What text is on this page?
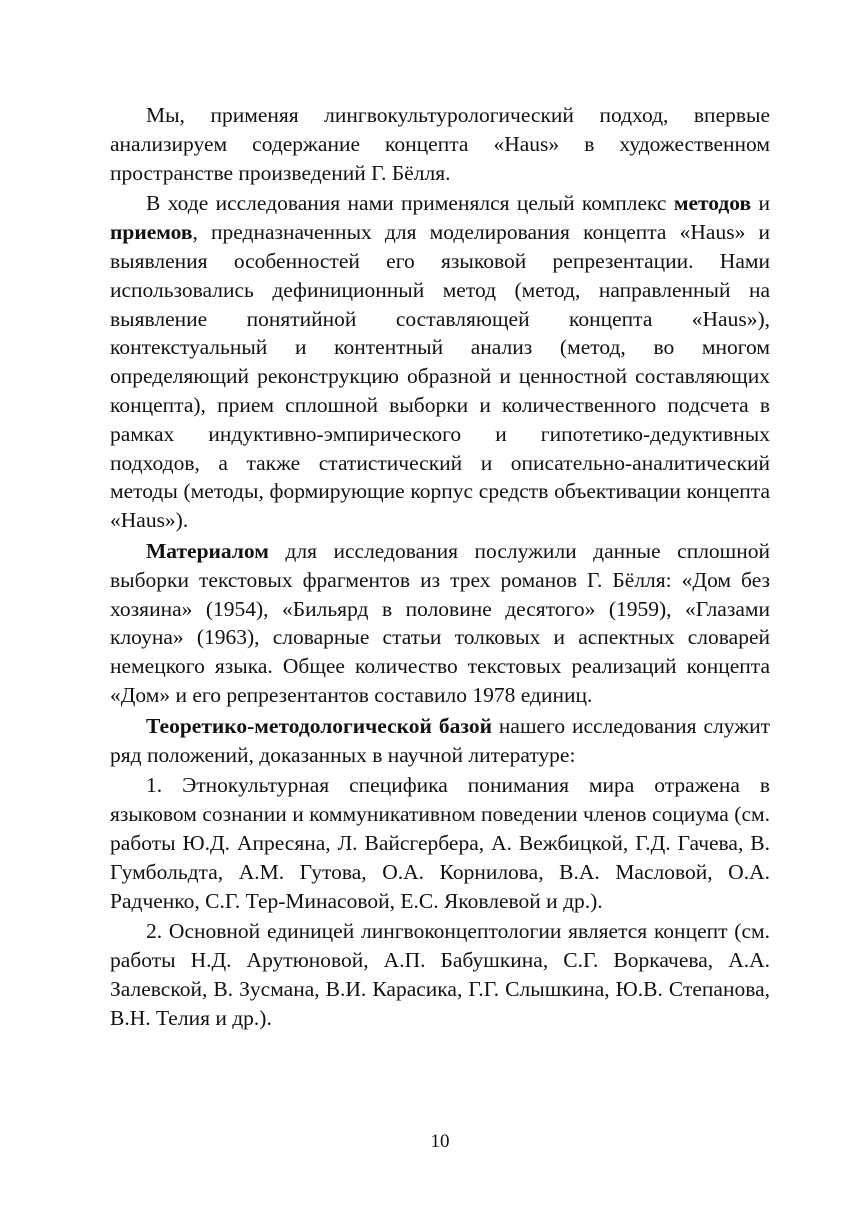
Мы, применяя лингвокультурологический подход, впервые анализируем содержание концепта «Haus» в художественном пространстве произведений Г. Бёлля.

В ходе исследования нами применялся целый комплекс методов и приемов, предназначенных для моделирования концепта «Haus» и выявления особенностей его языковой репрезентации. Нами использовались дефиниционный метод (метод, направленный на выявление понятийной составляющей концепта «Haus»), контекстуальный и контентный анализ (метод, во многом определяющий реконструкцию образной и ценностной составляющих концепта), прием сплошной выборки и количественного подсчета в рамках индуктивно-эмпирического и гипотетико-дедуктивных подходов, а также статистический и описательно-аналитический методы (методы, формирующие корпус средств объективации концепта «Haus»).

Материалом для исследования послужили данные сплошной выборки текстовых фрагментов из трех романов Г. Бёлля: «Дом без хозяина» (1954), «Бильярд в половине десятого» (1959), «Глазами клоуна» (1963), словарные статьи толковых и аспектных словарей немецкого языка. Общее количество текстовых реализаций концепта «Дом» и его репрезентантов составило 1978 единиц.

Теоретико-методологической базой нашего исследования служит ряд положений, доказанных в научной литературе:

1. Этнокультурная специфика понимания мира отражена в языковом сознании и коммуникативном поведении членов социума (см. работы Ю.Д. Апресяна, Л. Вайсгербера, А. Вежбицкой, Г.Д. Гачева, В. Гумбольдта, А.М. Гутова, О.А. Корнилова, В.А. Масловой, О.А. Радченко, С.Г. Тер-Минасовой, Е.С. Яковлевой и др.).

2. Основной единицей лингвоконцептологии является концепт (см. работы Н.Д. Арутюновой, А.П. Бабушкина, С.Г. Воркачева, А.А. Залевской, В. Зусмана, В.И. Карасика, Г.Г. Слышкина, Ю.В. Степанова, В.Н. Телия и др.).

10
